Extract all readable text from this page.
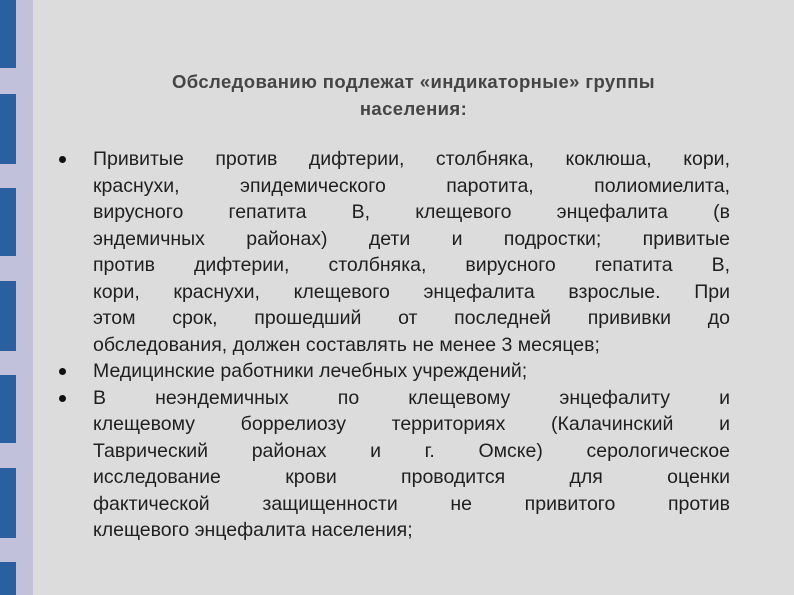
Обследованию подлежат «индикаторные» группы
населения:
Привитые против дифтерии, столбняка, коклюша, кори,
краснухи, эпидемического паротита, полиомиелита,
вирусного гепатита В, клещевого энцефалита (в
эндемичных районах) дети и подростки; привитые
против дифтерии, столбняка, вирусного гепатита В,
кори, краснухи, клещевого энцефалита взрослые. При
этом срок, прошедший от последней прививки до
обследования, должен составлять не менее 3 месяцев;
Медицинские работники лечебных учреждений;
В неэндемичных по клещевому энцефалиту и
клещевому боррелиозу территориях (Калачинский и
Таврический районах и г. Омске) серологическое
исследование крови проводится для оценки
фактической защищенности не привитого против
клещевого энцефалита населения;
